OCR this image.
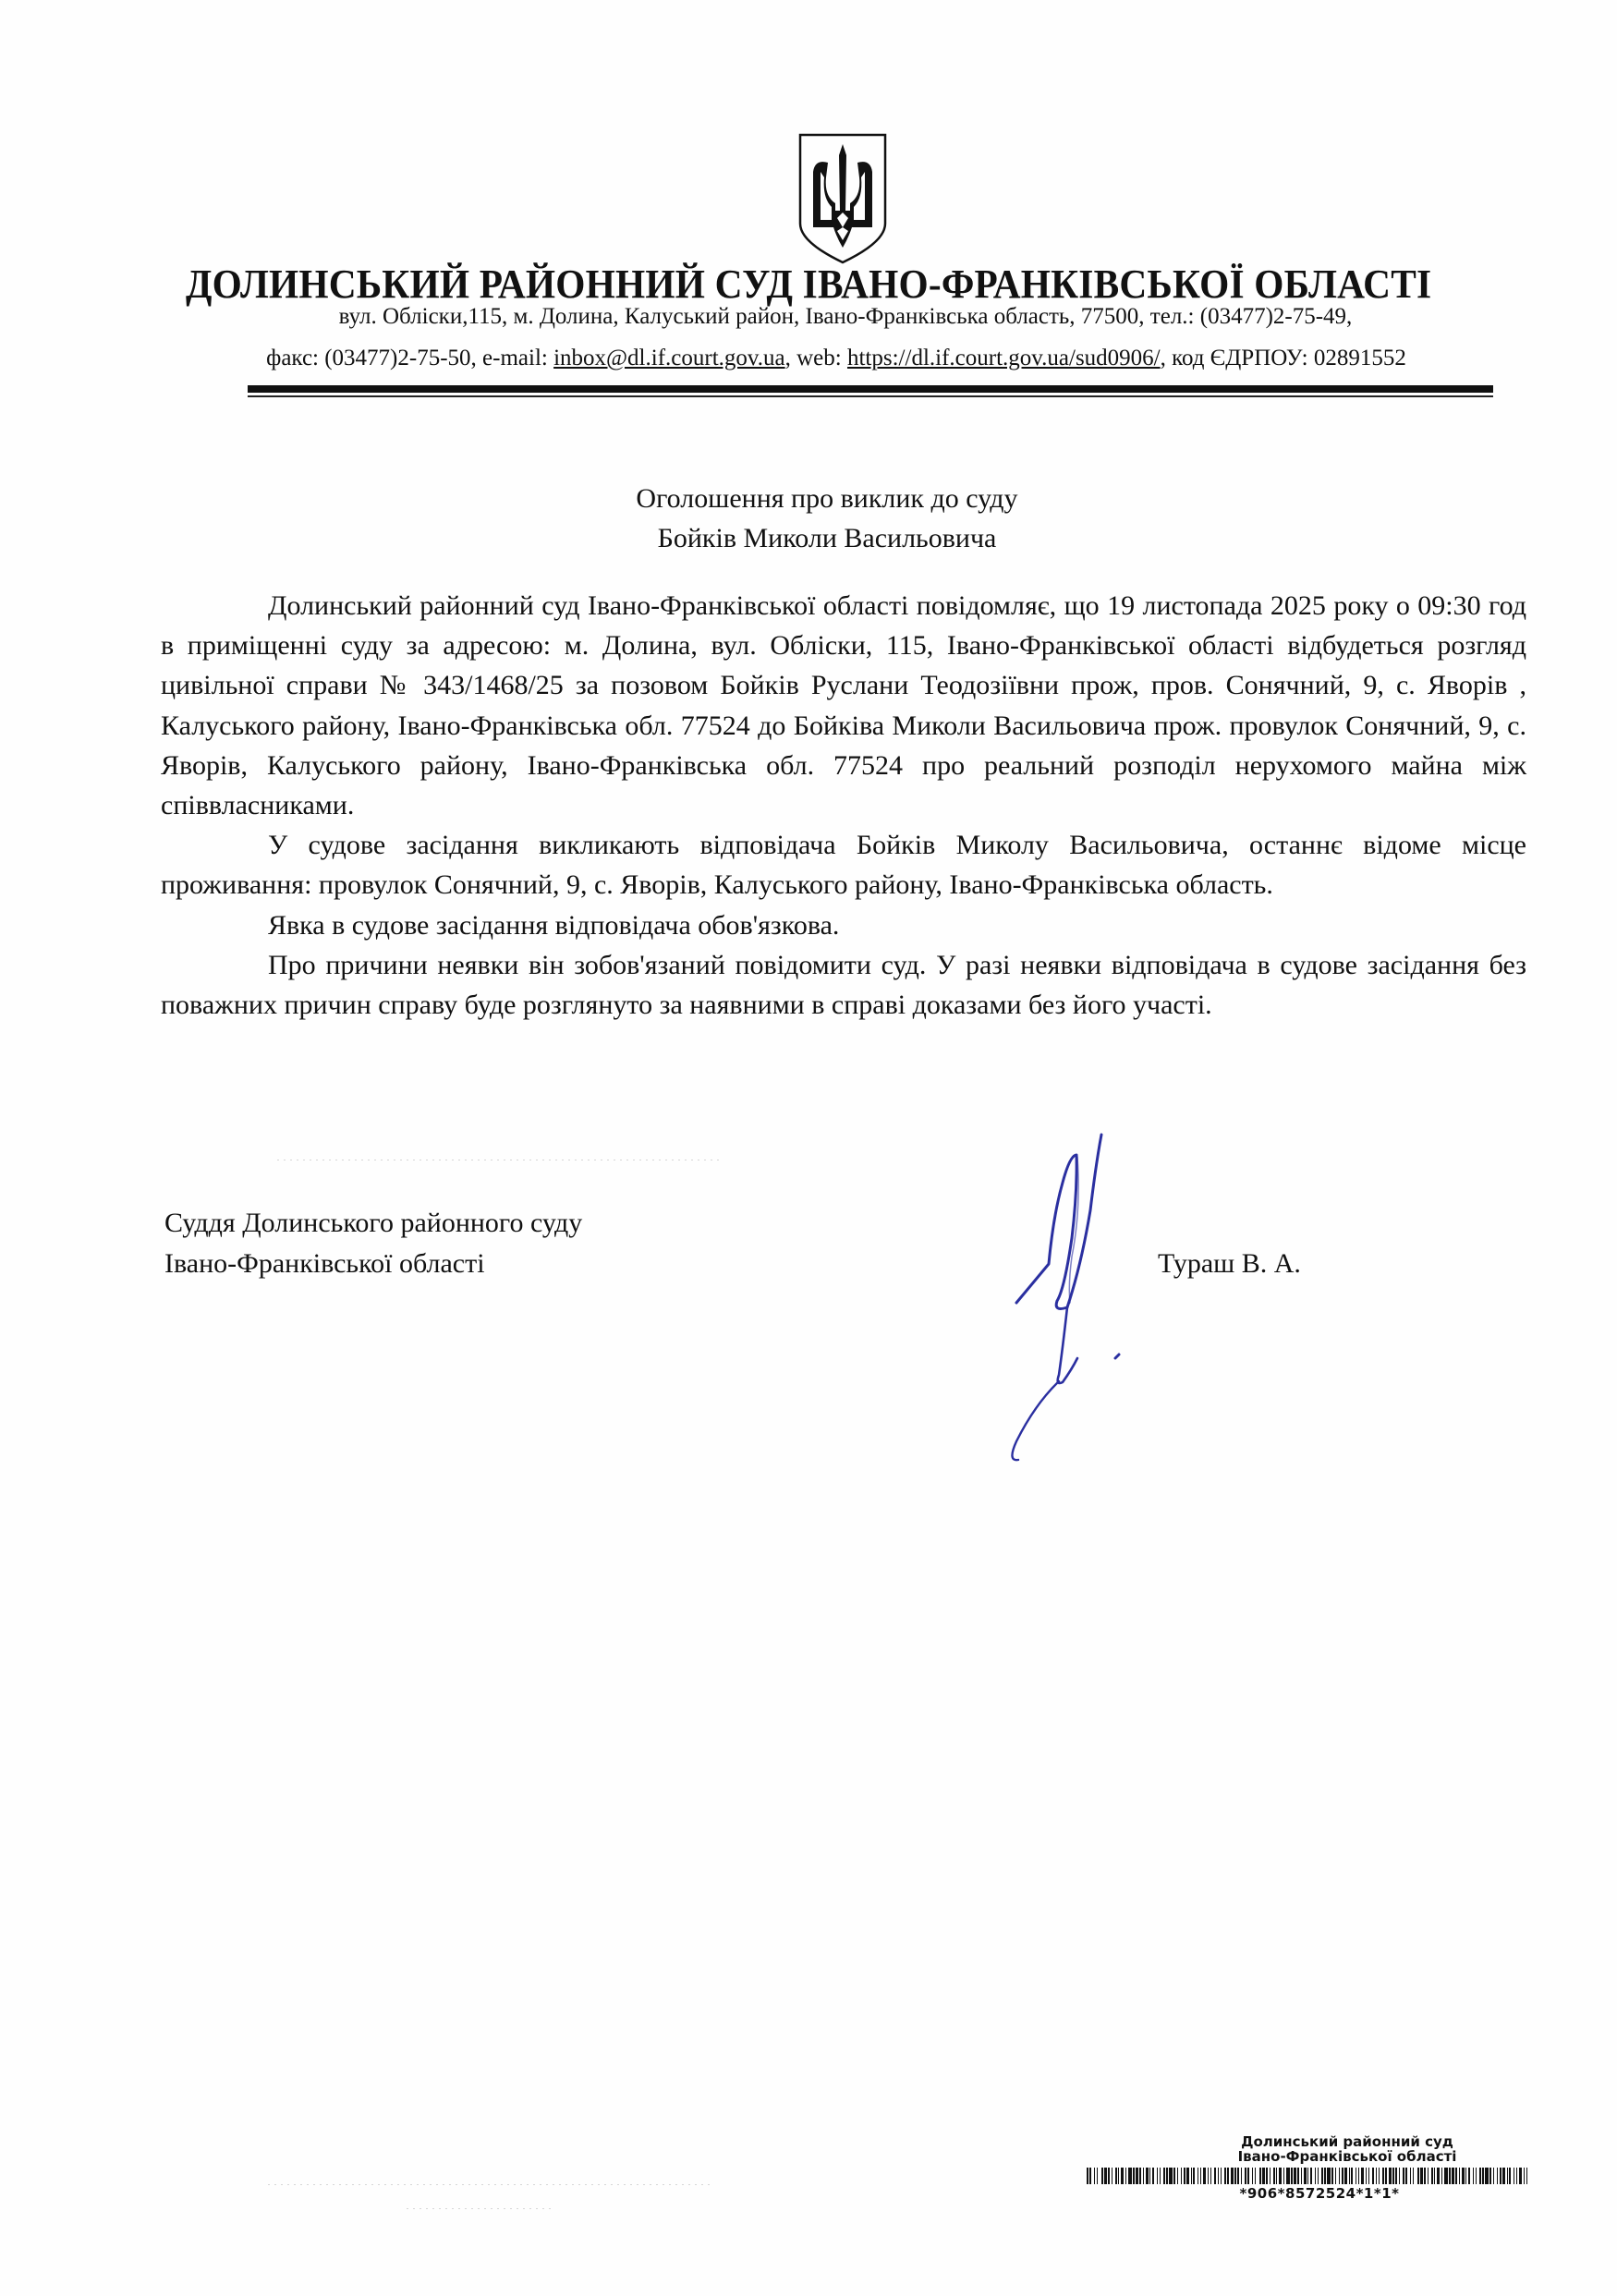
ДОЛИНСЬКИЙ РАЙОННИЙ СУД ІВАНО-ФРАНКІВСЬКОЇ ОБЛАСТІ
вул. Обліски,115, м. Долина, Калуський район, Івано-Франківська область, 77500, тел.: (03477)2-75-49,
факс: (03477)2-75-50, e-mail: inbox@dl.if.court.gov.ua, web: https://dl.if.court.gov.ua/sud0906/, код ЄДРПОУ: 02891552
Оголошення про виклик до суду
Бойків Миколи Васильовича

Долинський районний суд Івано-Франківської області повідомляє, що 19 листопада 2025 року о 09:30 год в приміщенні суду за адресою: м. Долина, вул. Обліски, 115, Івано-Франківської області відбудеться розгляд цивільної справи № 343/1468/25 за позовом Бойків Руслани Теодозіївни прож, пров. Сонячний, 9, с. Яворів , Калуського району, Івано-Франківська обл. 77524 до Бойківа Миколи Васильовича прож. провулок Сонячний, 9, с. Яворів, Калуського району, Івано-Франківська обл. 77524 про реальний розподіл нерухомого майна між співвласниками.

У судове засідання викликають відповідача Бойків Миколу Васильовича, останнє відоме місце проживання: провулок Сонячний, 9, с. Яворів, Калуського району, Івано-Франківська область.

Явка в судове засідання відповідача обов'язкова.

Про причини неявки він зобов'язаний повідомити суд. У разі неявки відповідача в судове засідання без поважних причин справу буде розглянуто за наявними в справі доказами без його участі.

Суддя Долинського районного суду
Івано-Франківської області	Тураш В. А.
Долинський районний суд
Івано-Франківської області
*906*8572524*1*1*
